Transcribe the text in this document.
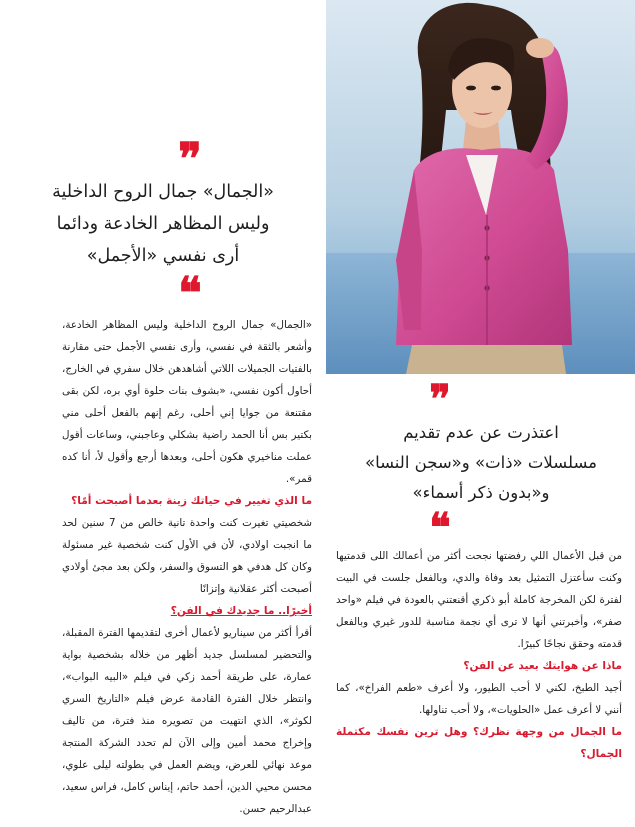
❞
«الجمال» جمال الروح الداخلية
وليس المظاهر الخادعة ودائما
أرى نفسي «الأجمل»
❝

«الجمال» جمال الروح الداخلية وليس المظاهر الخادعة، وأشعر بالثقة في نفسي، وأرى نفسي الأجمل حتى مقارنة بالفتيات الجميلات اللاتي أشاهدهن خلال سفري في الخارج، أحاول أكون نفسي، «بشوف بنات حلوة أوي بره، لكن بقى مقتنعة من جوايا إني أحلى، رغم إنهم بالفعل أحلى مني بكتير بس أنا الحمد راضية بشكلي وعاجبني، وساعات أقول عملت مناخيري هكون أحلى، وبعدها أرجع وأقول لأ، أنا كده قمر».

ما الذي تغيير في حياتك زينة بعدما أصبحت أمًا؟

شخصيتي تغيرت كنت واحدة تانية خالص من 7 سنين لحد ما انجبت اولادي، لأن في الأول كنت شخصية غير مسئولة وكان كل هدفي هو التسوق والسفر، ولكن بعد مجئ أولادي أصبحت أكثر عقلانية وإتزانًا

أخيرًا.. ما جديدك في الفن؟

أقرأ أكثر من سيناريو لأعمال أخرى لتقديمها الفترة المقبلة، والتحضير لمسلسل جديد أظهر من خلاله بشخصية بواية عمارة، على طريقة أحمد زكي في فيلم «البيه البواب»، وانتظر خلال الفترة القادمة عرض فيلم «التاريخ السري لكوثر»، الذي انتهيت من تصويره منذ فترة، من تاليف وإخراج محمد أمين وإلى الآن لم تحدد الشركة المنتجة موعد نهائي للعرض، ويضم العمل في بطولته ليلى علوي، محسن محيي الدين، أحمد حاتم، إيناس كامل، فراس سعيد، عبدالرحيم حسن.

❞
اعتذرت عن عدم تقديم
مسلسلات «ذات» و«سجن النسا»
و«بدون ذكر أسماء»
❝

من قبل الأعمال اللي رفضتها نجحت أكثر من أعمالك اللى قدمتيها وكنت سأعتزل التمثيل بعد وفاة والدي، وبالفعل جلست في البيت لفترة لكن المخرجة كاملة أبو ذكري أقنعتني بالعودة في فيلم «واحد صفر»، وأخبرتني أنها لا ترى أي نجمة مناسبة للدور غيري وبالفعل قدمته وحقق نجاحًا كبيرًا.

ماذا عن هوايتك بعيد عن الفن؟

أجيد الطبخ، لكني لا أحب الطيور، ولا أعرف «طعم الفراخ»، كما أنني لا أعرف عمل «الحلويات»، ولا أحب تناولها.

ما الجمال من وجهة نظرك؟ وهل ترين نفسك مكتملة الجمال؟
